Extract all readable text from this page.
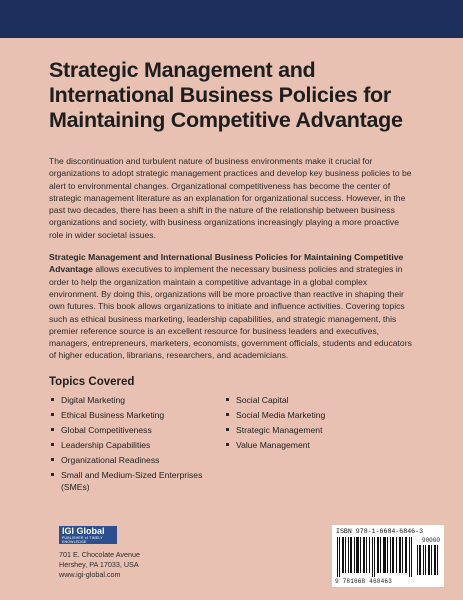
Strategic Management and International Business Policies for Maintaining Competitive Advantage

The discontinuation and turbulent nature of business environments make it crucial for organizations to adopt strategic management practices and develop key business policies to be alert to environmental changes. Organizational competitiveness has become the center of strategic management literature as an explanation for organizational success. However, in the past two decades, there has been a shift in the nature of the relationship between business organizations and society, with business organizations increasingly playing a more proactive role in wider societal issues.

Strategic Management and International Business Policies for Maintaining Competitive Advantage allows executives to implement the necessary business policies and strategies in order to help the organization maintain a competitive advantage in a global complex environment. By doing this, organizations will be more proactive than reactive in shaping their own futures. This book allows organizations to initiate and influence activities. Covering topics such as ethical business marketing, leadership capabilities, and strategic management, this premier reference source is an excellent resource for business leaders and executives, managers, entrepreneurs, marketers, economists, government officials, students and educators of higher education, librarians, researchers, and academicians.

Topics Covered
Digital Marketing
Ethical Business Marketing
Global Competitiveness
Leadership Capabilities
Organizational Readiness
Small and Medium-Sized Enterprises (SMEs)
Social Capital
Social Media Marketing
Strategic Management
Value Management
IGI Global
PUBLISHER of TIMELY KNOWLEDGE
701 E. Chocolate Avenue
Hershey, PA 17033, USA
www.igi-global.com
ISBN 978-1-6684-6846-3
90000
9 781668 468463
